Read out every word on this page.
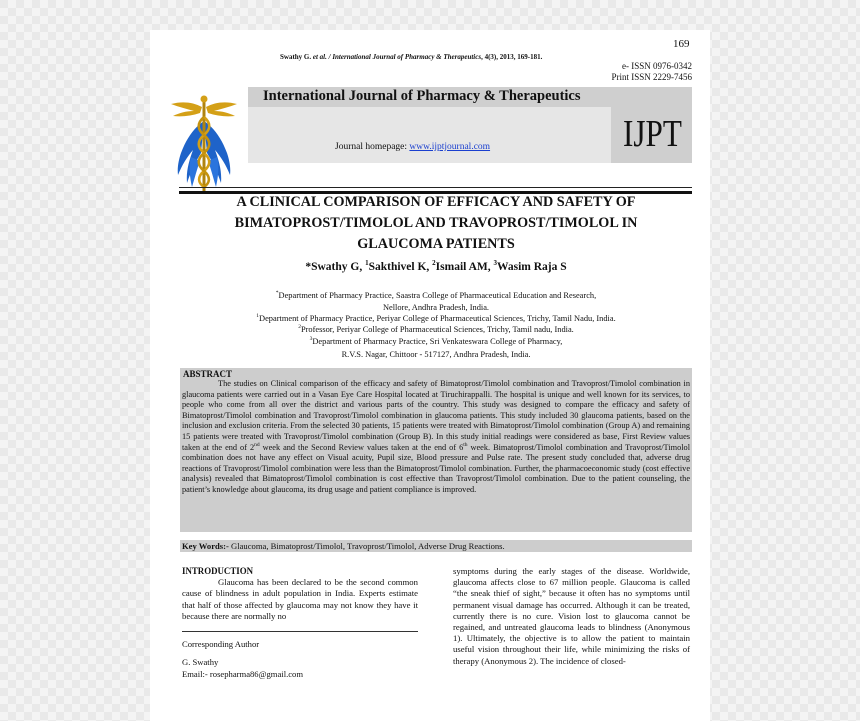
169
Swathy G. et al. / International Journal of Pharmacy & Therapeutics, 4(3), 2013, 169-181.
e- ISSN 0976-0342
Print ISSN 2229-7456
International Journal of Pharmacy & Therapeutics
Journal homepage: www.ijptjournal.com	IJPT
A CLINICAL COMPARISON OF EFFICACY AND SAFETY OF
BIMATOPROST/TIMOLOL AND TRAVOPROST/TIMOLOL IN
GLAUCOMA PATIENTS
*Swathy G, $^1$Sakthivel K, $^2$Ismail AM, $^3$Wasim Raja S
*Department of Pharmacy Practice, Saastra College of Pharmaceutical Education and Research,
Nellore, Andhra Pradesh, India.
$^1$Department of Pharmacy Practice, Periyar College of Pharmaceutical Sciences, Trichy, Tamil Nadu, India.
$^2$Professor, Periyar College of Pharmaceutical Sciences, Trichy, Tamil nadu, India.
$^3$Department of Pharmacy Practice, Sri Venkateswara College of Pharmacy,
R.V.S. Nagar, Chittoor - 517127, Andhra Pradesh, India.
ABSTRACT
The studies on Clinical comparison of the efficacy and safety of Bimatoprost/Timolol combination and Travoprost/Timolol combination in glaucoma patients were carried out in a Vasan Eye Care Hospital located at Tiruchirappalli. The hospital is unique and well known for its services, to people who come from all over the district and various parts of the country. This study was designed to compare the efficacy and safety of Bimatoprost/Timolol combination and Travoprost/Timolol combination in glaucoma patients. This study included 30 glaucoma patients, based on the inclusion and exclusion criteria. From the selected 30 patients, 15 patients were treated with Bimatoprost/Timolol combination (Group A) and remaining 15 patients were treated with Travoprost/Timolol combination (Group B). In this study initial readings were considered as base, First Review values taken at the end of 2nd week and the Second Review values taken at the end of 6th week. Bimatoprost/Timolol combination and Travoprost/Timolol combination does not have any effect on Visual acuity, Pupil size, Blood pressure and Pulse rate. The present study concluded that, adverse drug reactions of Travoprost/Timolol combination were less than the Bimatoprost/Timolol combination. Further, the pharmacoeconomic study (cost effective analysis) revealed that Bimatoprost/Timolol combination is cost effective than Travoprost/Timolol combination. Due to the patient counseling, the patient’s knowledge about glaucoma, its drug usage and patient compliance is improved.
Key Words:- Glaucoma, Bimatoprost/Timolol, Travoprost/Timolol, Adverse Drug Reactions.
INTRODUCTION
Glaucoma has been declared to be the second common cause of blindness in adult population in India. Experts estimate that half of those affected by glaucoma may not know they have it because there are normally no
Corresponding Author
G. Swathy
Email:- rosepharma86@gmail.com
symptoms during the early stages of the disease. Worldwide, glaucoma affects close to 67 million people. Glaucoma is called “the sneak thief of sight,” because it often has no symptoms until permanent visual damage has occurred. Although it can be treated, currently there is no cure. Vision lost to glaucoma cannot be regained, and untreated glaucoma leads to blindness (Anonymous 1). Ultimately, the objective is to allow the patient to maintain useful vision throughout their life, while minimizing the risks of therapy (Anonymous 2). The incidence of closed-
